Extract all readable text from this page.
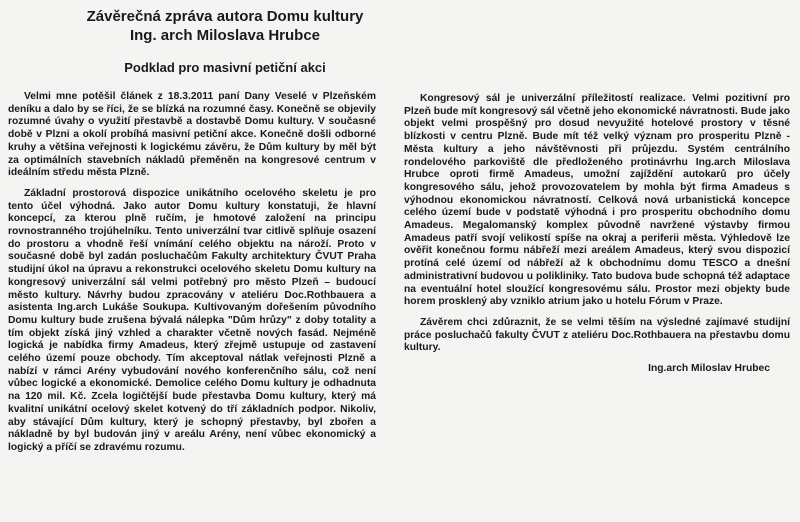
Závěrečná zpráva autora Domu kultury
Ing. arch Miloslava Hrubce
Podklad pro masivní petiční akci

Velmi mne potěšil článek z 18.3.2011 paní Dany Veselé v Plzeňském deníku a dalo by se říci, že se blízká na rozumné časy. Konečně se objevily rozumné úvahy o využití přestavbě a dostavbě Domu kultury. V současné době v Plzni a okolí probíhá masivní petiční akce. Konečně došli odborné kruhy a většina veřejnosti k logickému závěru, že Dům kultury by měl být za optimálních stavebních nákladů přeměněn na kongresové centrum v ideálním středu města Plzně.

Základní prostorová dispozice unikátního ocelového skeletu je pro tento účel výhodná. Jako autor Domu kultury konstatuji, že hlavní koncepcí, za kterou plně ručím, je hmotové založení na principu rovnostranného trojúhelníku. Tento univerzální tvar citlivě splňuje osazení do prostoru a vhodně řeší vnímání celého objektu na nároží. Proto v současné době byl zadán posluchačům Fakulty architektury ČVUT Praha studijní úkol na úpravu a rekonstrukci ocelového skeletu Domu kultury na kongresový univerzální sál velmi potřebný pro město Plzeň – budoucí město kultury. Návrhy budou zpracovány v ateliéru Doc.Rothbauera a asistenta Ing.arch Lukáše Soukupa. Kultivovaným dořešením původního Domu kultury bude zrušena bývalá nálepka "Dům hrůzy" z doby totality a tím objekt získá jiný vzhled a charakter včetně nových fasád. Nejméně logická je nabídka firmy Amadeus, který zřejmě ustupuje od zastavení celého území pouze obchody. Tím akceptoval nátlak veřejnosti Plzně a nabízí v rámci Arény vybudování nového konferenčního sálu, což není vůbec logické a ekonomické. Demolice celého Domu kultury je odhadnuta na 120 mil. Kč. Zcela logičtější bude přestavba Domu kultury, který má kvalitní unikátní ocelový skelet kotvený do tří základních podpor. Nikoliv, aby stávající Dům kultury, který je schopný přestavby, byl zbořen a nákladně by byl budován jiný v areálu Arény, není vůbec ekonomický a logický a příčí se zdravému rozumu.

Kongresový sál je univerzální příležitostí realizace. Velmi pozitivní pro Plzeň bude mít kongresový sál včetně jeho ekonomické návratnosti. Bude jako objekt velmi prospěšný pro dosud nevyužité hotelové prostory v těsné blízkosti v centru Plzně. Bude mít též velký význam pro prosperitu Plzně - Města kultury a jeho návštěvnosti při průjezdu. Systém centrálního rondelového parkoviště dle předloženého protinávrhu Ing.arch Miloslava Hrubce oproti firmě Amadeus, umožní zajíždění autokarů pro účely kongresového sálu, jehož provozovatelem by mohla být firma Amadeus s výhodnou ekonomickou návratností. Celková nová urbanistická koncepce celého území bude v podstatě výhodná i pro prosperitu obchodního domu Amadeus. Megalomanský komplex původně navržené výstavby firmou Amadeus patří svojí velikostí spíše na okraj a periferii města. Výhledově lze ověřit konečnou formu nábřeží mezi areálem Amadeus, který svou dispozicí protíná celé území od nábřeží až k obchodnímu domu TESCO a dnešní administrativní budovou u polikliniky. Tato budova bude schopná též adaptace na eventuální hotel sloužící kongresovému sálu. Prostor mezi objekty bude horem prosklený aby vzniklo atrium jako u hotelu Fórum v Praze.

Závěrem chci zdůraznit, že se velmi těším na výsledné zajímavé studijní práce posluchačů fakulty ČVUT z ateliéru Doc.Rothbauera na přestavbu domu kultury.

Ing.arch Miloslav Hrubec
